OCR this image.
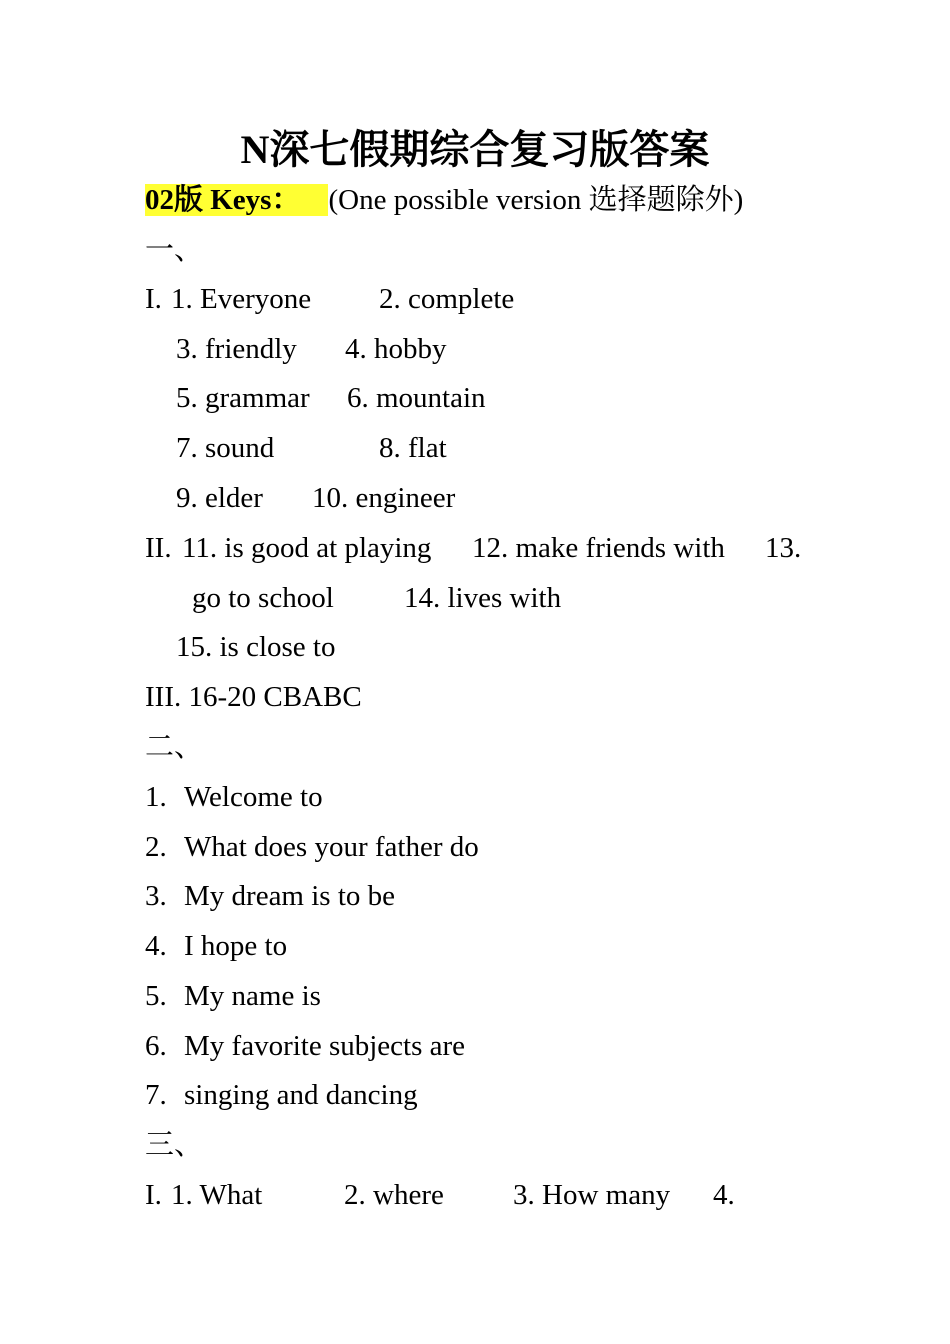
N深七假期综合复习版答案
02版 Keys： (One possible version 选择题除外)
一、
I. 1. Everyone 2. complete
3. friendly 4. hobby
5. grammar 6. mountain
7. sound	8. flat
9. elder 10. engineer
II. 11. is good at playing 12. make friends with 13.
go to school 14. lives with
15. is close to
III. 16-20 CBABC
二、
1. Welcome to
2. What does your father do
3. My dream is to be
4. I hope to
5. My name is
6. My favorite subjects are
7. singing and dancing
三、
I. 1. What	2. where 3. How many 4.
